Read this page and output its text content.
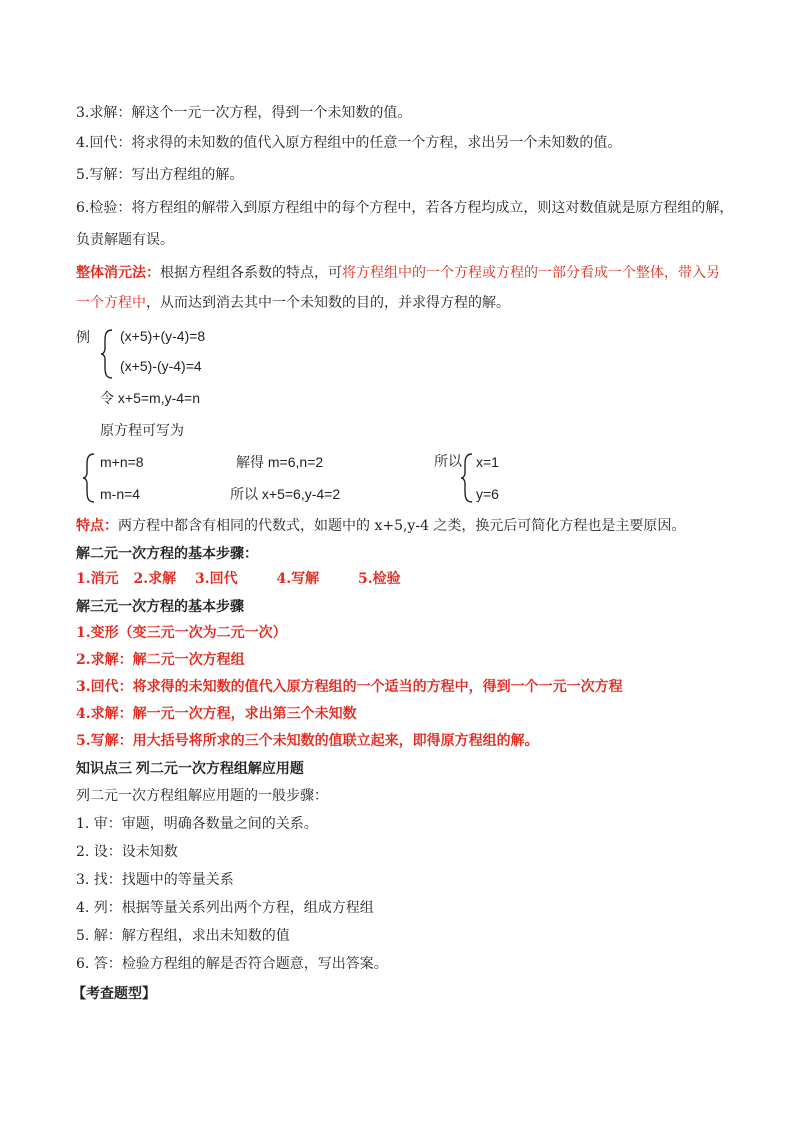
3.求解：解这个一元一次方程，得到一个未知数的值。
4.回代：将求得的未知数的值代入原方程组中的任意一个方程，求出另一个未知数的值。
5.写解：写出方程组的解。
6.检验：将方程组的解带入到原方程组中的每个方程中，若各方程均成立，则这对数值就是原方程组的解，
负责解题有误。
整体消元法：根据方程组各系数的特点，可将方程组中的一个方程或方程的一部分看成一个整体，带入另
一个方程中，从而达到消去其中一个未知数的目的，并求得方程的解。
例 (x+5)+(y-4)=8
(x+5)-(y-4)=4
令 x+5=m,y-4=n
原方程可写为
m+n=8
m-n=4
解得 m=6,n=2
所以 x+5=6,y-4=2
所以 x=1
y=6
特点：两方程中都含有相同的代数式，如题中的 x+5,y-4 之类，换元后可简化方程也是主要原因。
解二元一次方程的基本步骤：
1.消元 2.求解 3.回代	4.写解	5.检验
解三元一次方程的基本步骤
1.变形（变三元一次为二元一次）
2.求解：解二元一次方程组
3.回代：将求得的未知数的值代入原方程组的一个适当的方程中，得到一个一元一次方程
4.求解：解一元一次方程，求出第三个未知数
5.写解：用大括号将所求的三个未知数的值联立起来，即得原方程组的解。
知识点三 列二元一次方程组解应用题
列二元一次方程组解应用题的一般步骤：
1. 审：审题，明确各数量之间的关系。
2. 设：设未知数
3. 找：找题中的等量关系
4. 列：根据等量关系列出两个方程，组成方程组
5. 解：解方程组，求出未知数的值
6. 答：检验方程组的解是否符合题意，写出答案。
【考查题型】
